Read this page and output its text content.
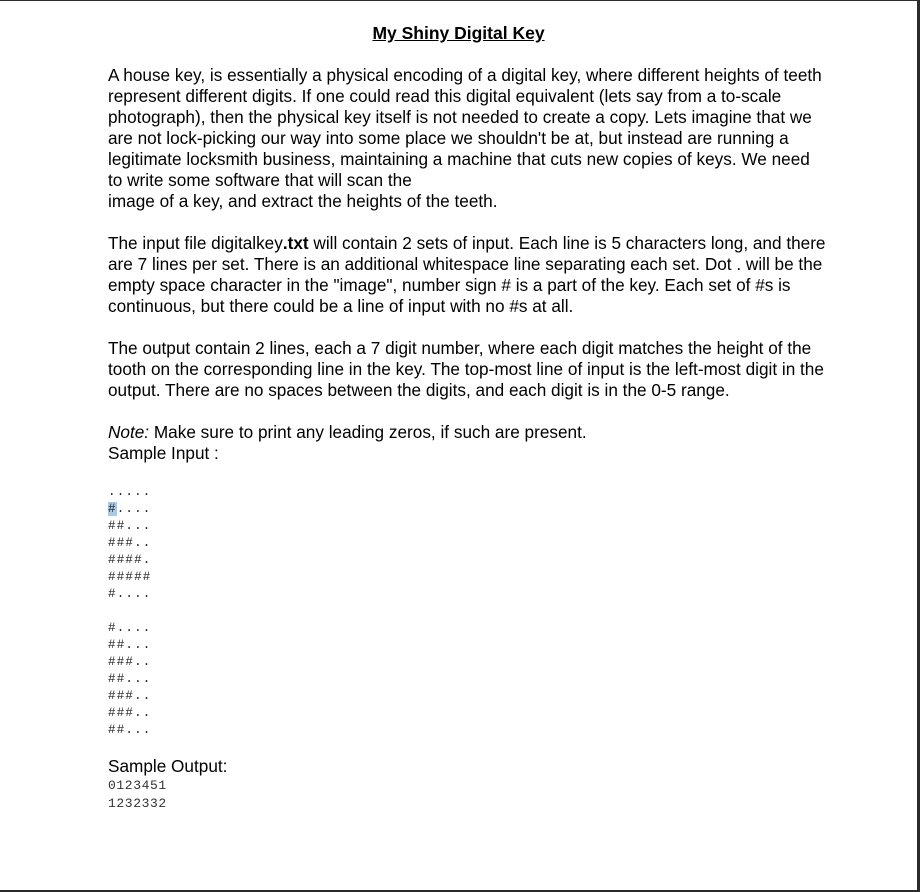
My Shiny Digital Key

A house key, is essentially a physical encoding of a digital key, where different heights of teeth represent different digits. If one could read this digital equivalent (lets say from a to-scale photograph), then the physical key itself is not needed to create a copy. Lets imagine that we are not lock-picking our way into some place we shouldn't be at, but instead are running a legitimate locksmith business, maintaining a machine that cuts new copies of keys. We need to write some software that will scan the

image of a key, and extract the heights of the teeth.

The input file digitalkey.txt will contain 2 sets of input. Each line is 5 characters long, and there are 7 lines per set. There is an additional whitespace line separating each set. Dot . will be the empty space character in the "image", number sign # is a part of the key. Each set of #s is continuous, but there could be a line of input with no #s at all.

The output contain 2 lines, each a 7 digit number, where each digit matches the height of the tooth on the corresponding line in the key. The top-most line of input is the left-most digit in the output. There are no spaces between the digits, and each digit is in the 0-5 range.

Note: Make sure to print any leading zeros, if such are present.
Sample Input :
.....
#....
##...
###..
####.
#####
#....
#....
##...
###..
##...
###..
###..
##...
Sample Output:
0123451
1232332
